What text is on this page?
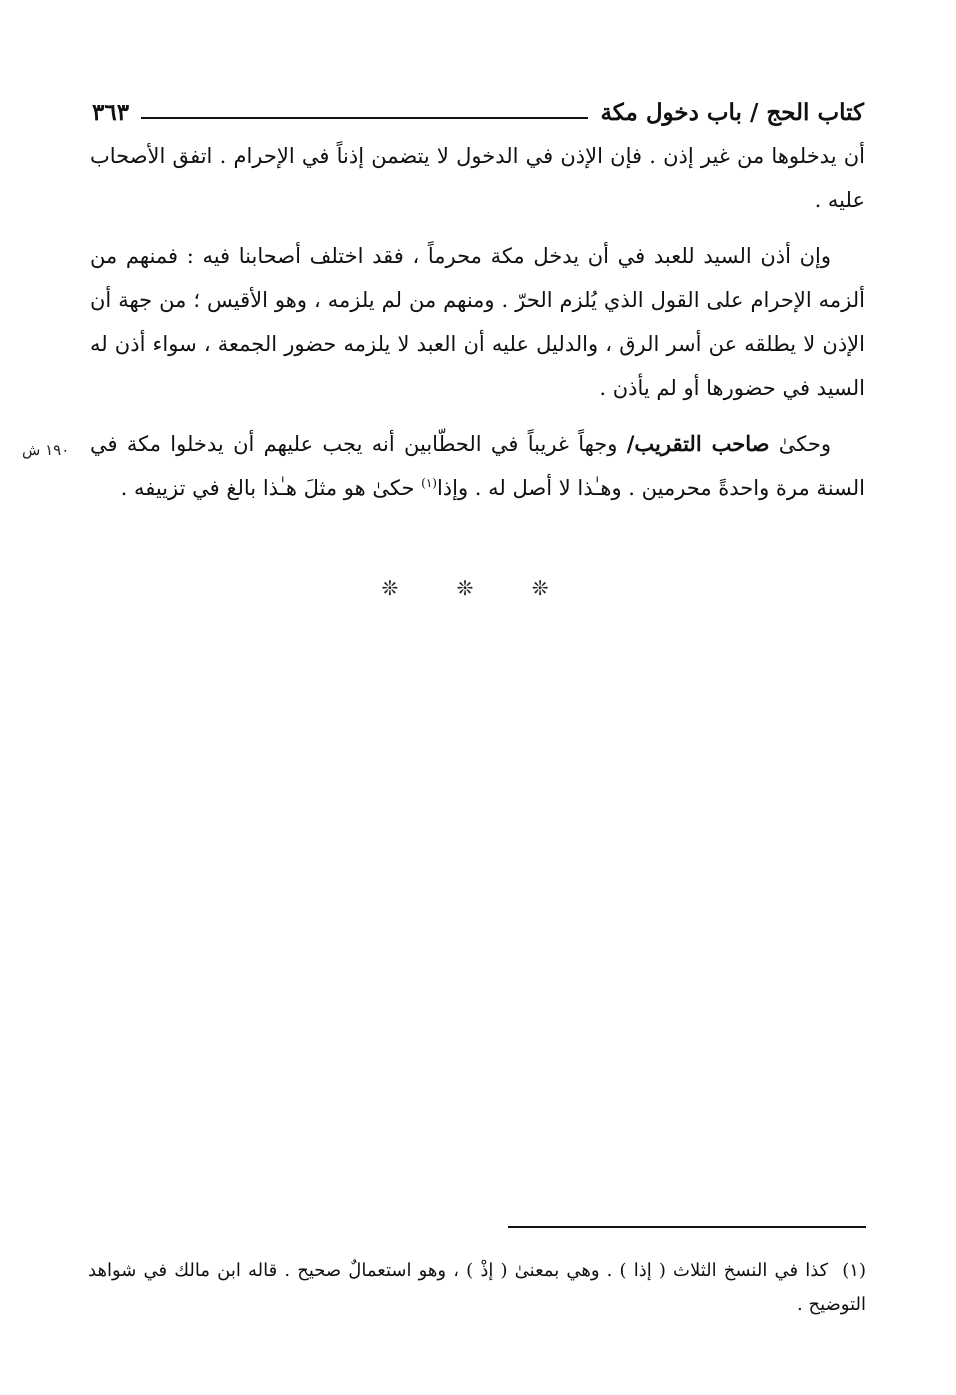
كتاب الحج / باب دخول مكة
٣٦٣

أن يدخلوها من غير إذن . فإن الإذن في الدخول لا يتضمن إذناً في الإحرام . اتفق الأصحاب عليه .

وإن أذن السيد للعبد في أن يدخل مكة محرماً ، فقد اختلف أصحابنا فيه : فمنهم من ألزمه الإحرام على القول الذي يُلزم الحرّ . ومنهم من لم يلزمه ، وهو الأقيس ؛ من جهة أن الإذن لا يطلقه عن أسر الرق ، والدليل عليه أن العبد لا يلزمه حضور الجمعة ، سواء أذن له السيد في حضورها أو لم يأذن .

وحكىٰ صاحب التقريب/ وجهاً غريباً في الحطّابين أنه يجب عليهم أن يدخلوا مكة في السنة مرة واحدةً محرمين . وهـٰذا لا أصل له . وإذا$^{(١)}$ حكىٰ هو مثلَ هـٰذا بالغ في تزييفه .

١٩٠ ش
❊ ❊ ❊
(١)كذا في النسخ الثلاث ( إذا ) . وهي بمعنىٰ ( إذْ ) ، وهو استعمالٌ صحيح . قاله ابن مالك في شواهد التوضيح .
